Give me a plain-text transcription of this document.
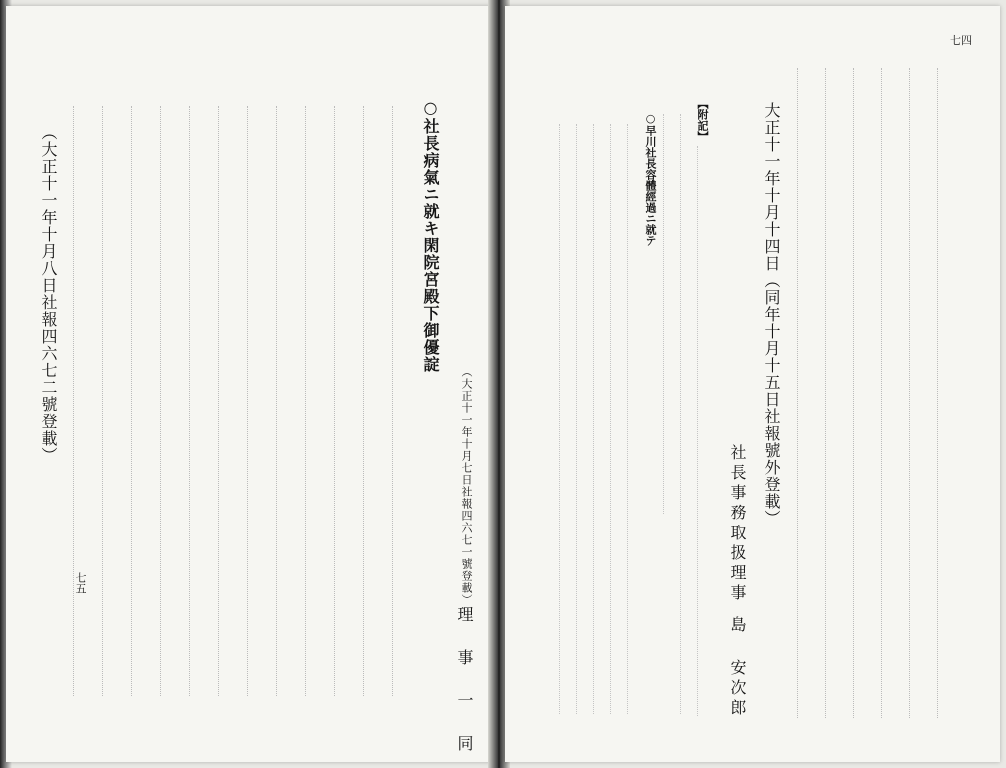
○社長病氣ニ就キ閑院宮殿下御優諚
（大正十一年十月八日社報四六七二號登載）
（大正十一年十月七日社報四六七一號登載）
理 事 一 同
七五
大正十一年十月十四日（同年十月十五日社報號外登載）
社長事務取扱理事
島 安次郎
【附記】
○早川社長容體經過ニ就テ
七四
